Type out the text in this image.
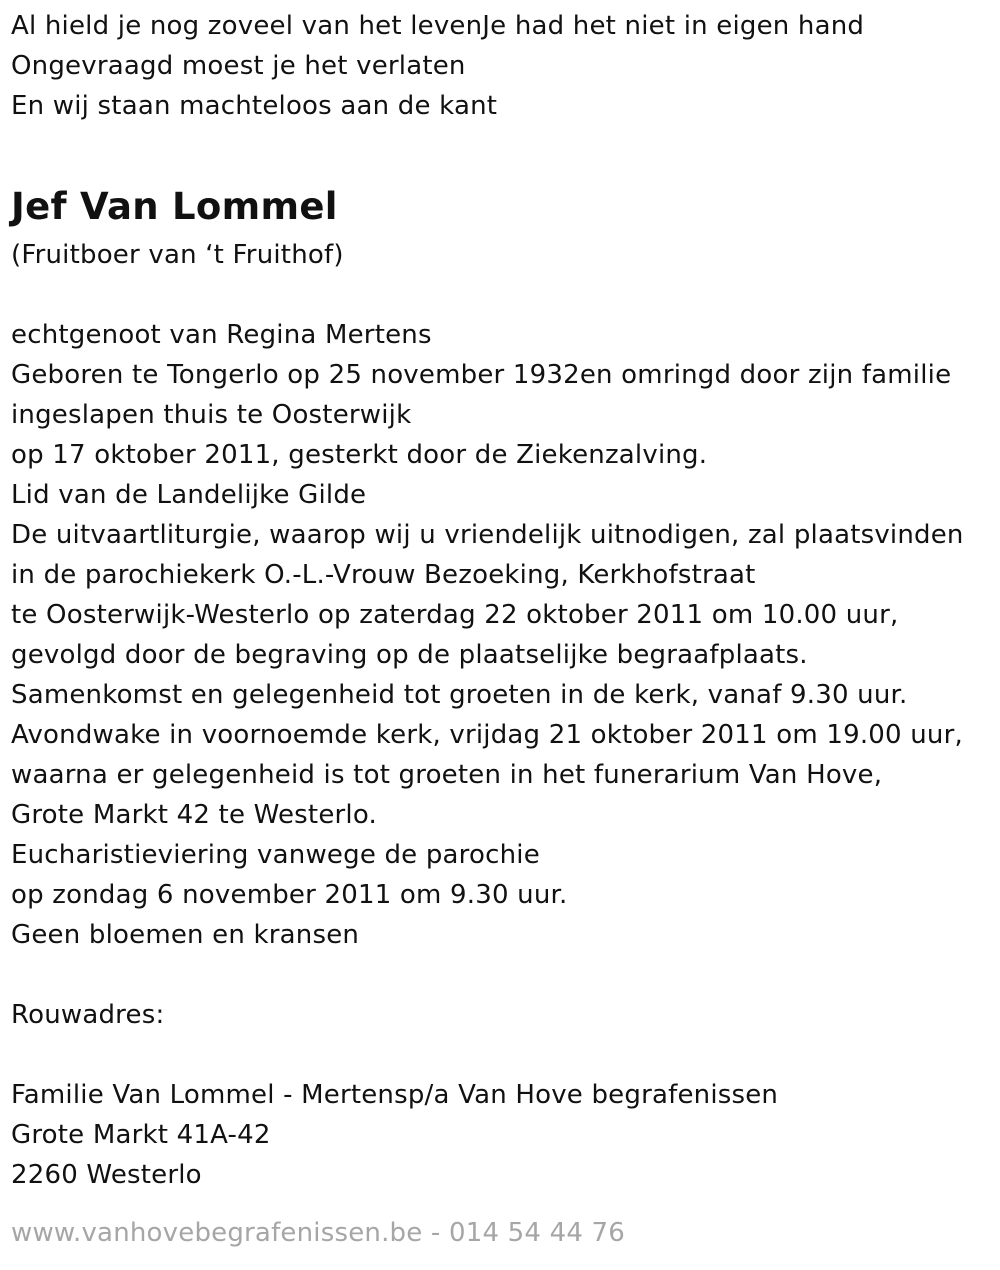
Al hield je nog zoveel van het levenJe had het niet in eigen hand
Ongevraagd moest je het verlaten
En wij staan machteloos aan de kant
Jef Van Lommel
(Fruitboer van ‘t Fruithof)
echtgenoot van Regina Mertens
Geboren te Tongerlo op 25 november 1932en omringd door zijn familie
ingeslapen thuis te Oosterwijk
op 17 oktober 2011, gesterkt door de Ziekenzalving.
Lid van de Landelijke Gilde
De uitvaartliturgie, waarop wij u vriendelijk uitnodigen, zal plaatsvinden
in de parochiekerk O.-L.-Vrouw Bezoeking, Kerkhofstraat
te Oosterwijk-Westerlo op zaterdag 22 oktober 2011 om 10.00 uur,
gevolgd door de begraving op de plaatselijke begraafplaats.
Samenkomst en gelegenheid tot groeten in de kerk, vanaf 9.30 uur.
Avondwake in voornoemde kerk, vrijdag 21 oktober 2011 om 19.00 uur,
waarna er gelegenheid is tot groeten in het funerarium Van Hove,
Grote Markt 42 te Westerlo.
Eucharistieviering vanwege de parochie
op zondag 6 november 2011 om 9.30 uur.
Geen bloemen en kransen
Rouwadres:
Familie Van Lommel - Mertensp/a Van Hove begrafenissen
Grote Markt 41A-42
2260 Westerlo
www.vanhovebegrafenissen.be - 014 54 44 76
